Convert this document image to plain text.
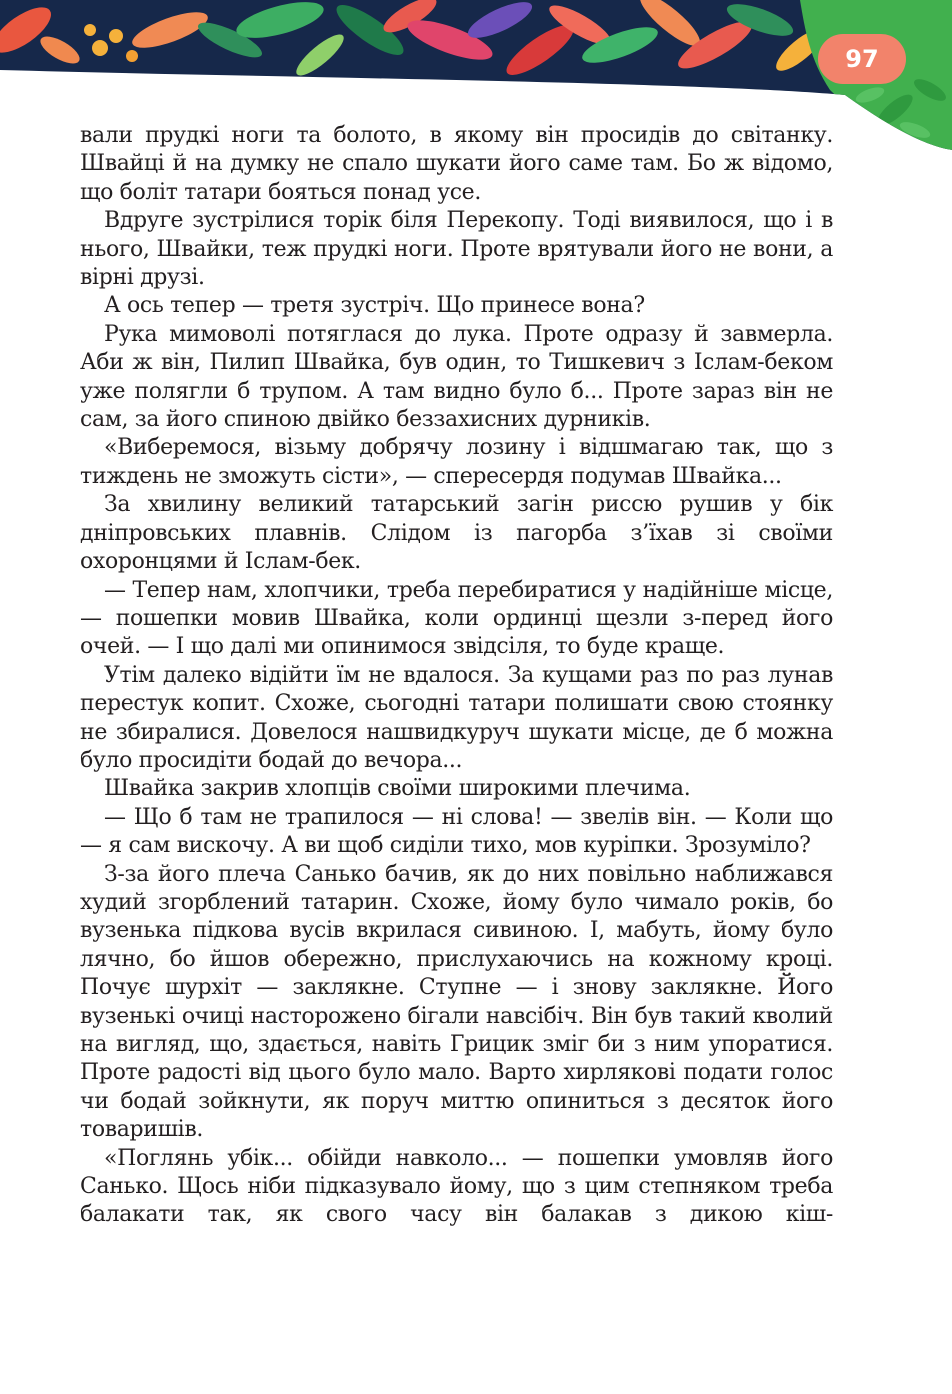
97

вали прудкі ноги та болото, в якому він просидів до світанку. Швайці й на думку не спало шукати його саме там. Бо ж відомо, що боліт татари бояться понад усе.

Вдруге зустрілися торік біля Перекопу. Тоді виявилося, що і в нього, Швайки, теж прудкі ноги. Проте врятували його не вони, а вірні друзі.

А ось тепер — третя зустріч. Що принесе вона?

Рука мимоволі потяглася до лука. Проте одразу й завмерла. Аби ж він, Пилип Швайка, був один, то Тишкевич з Іслам-беком уже полягли б трупом. А там видно було б... Проте зараз він не сам, за його спиною двійко беззахисних дурників.

«Виберемося, візьму добрячу лозину і відшмагаю так, що з тиждень не зможуть сісти», — спересердя подумав Швайка...

За хвилину великий татарський загін риссю рушив у бік дніпровських плавнів. Слідом із пагорба з’їхав зі своїми охоронцями й Іслам-бек.

— Тепер нам, хлопчики, треба перебиратися у надійніше місце, — пошепки мовив Швайка, коли ординці щезли з-перед його очей. — І що далі ми опинимося звідсіля, то буде краще.

Утім далеко відійти їм не вдалося. За кущами раз по раз лунав перестук копит. Схоже, сьогодні татари полишати свою стоянку не збиралися. Довелося нашвидкуруч шукати місце, де б можна було просидіти бодай до вечора...

Швайка закрив хлопців своїми широкими плечима.

— Що б там не трапилося — ні слова! — звелів він. — Коли що — я сам вискочу. А ви щоб сиділи тихо, мов куріпки. Зрозуміло?

З-за його плеча Санько бачив, як до них повільно наближався худий згорблений татарин. Схоже, йому було чимало років, бо вузенька підкова вусів вкрилася сивиною. І, мабуть, йому було лячно, бо йшов обережно, прислухаючись на кожному кроці. Почує шурхіт — заклякне. Ступне — і знову заклякне. Його вузенькі очиці насторожено бігали навсібіч. Він був такий кволий на вигляд, що, здається, навіть Грицик зміг би з ним упоратися. Проте радості від цього було мало. Варто хирлякові подати голос чи бодай зойкнути, як поруч миттю опиниться з десяток його товаришів.

«Поглянь убік... обійди навколо... — пошепки умовляв його Санько. Щось ніби підказувало йому, що з цим степняком треба балакати так, як свого часу він балакав з дикою кіш-
